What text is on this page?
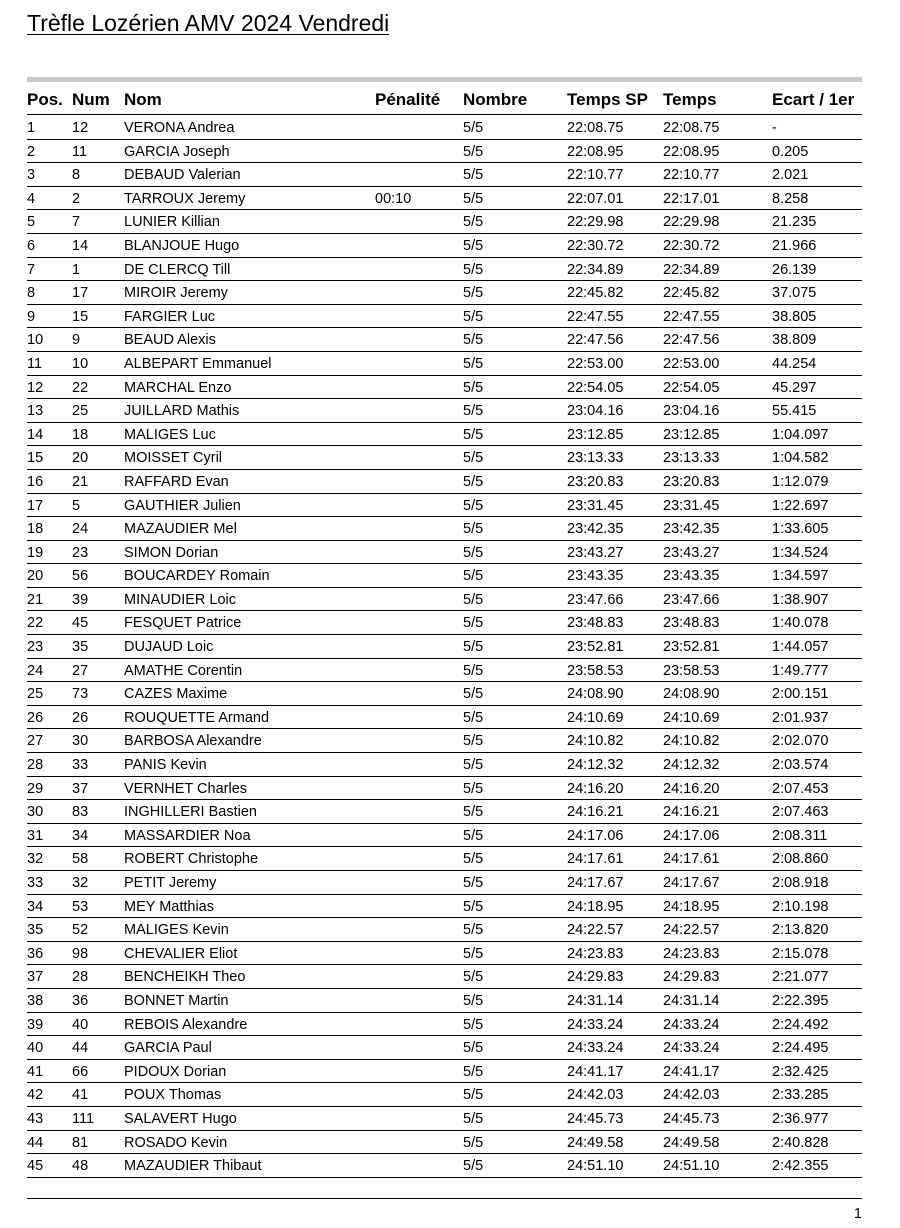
Trèfle Lozérien AMV 2024 Vendredi
Pos. Num Nom	Pénalité Nombre Temps SP Temps	Ecart / 1er
1	12 VERONA Andrea	5/5	22:08.75	22:08.75	-
2	11	GARCIA Joseph	5/5	22:08.95	22:08.95	0.205
3	8	DEBAUD Valerian	5/5	22:10.77	22:10.77	2.021
4	2	TARROUX Jeremy	00:10	5/5	22:07.01	22:17.01	8.258
5	7	LUNIER Killian	5/5	22:29.98	22:29.98	21.235
6	14 BLANJOUE Hugo	5/5	22:30.72	22:30.72	21.966
7	1	DE CLERCQ Till	5/5	22:34.89	22:34.89	26.139
8	17 MIROIR Jeremy	5/5	22:45.82	22:45.82	37.075
9	15 FARGIER Luc	5/5	22:47.55	22:47.55	38.805
10 9	BEAUD Alexis	5/5	22:47.56	22:47.56	38.809
11 10 ALBEPART Emmanuel	5/5	22:53.00	22:53.00	44.254
12 22 MARCHAL Enzo	5/5	22:54.05	22:54.05	45.297
13 25 JUILLARD Mathis	5/5	23:04.16	23:04.16	55.415
14 18 MALIGES Luc	5/5	23:12.85	23:12.85	1:04.097
15 20 MOISSET Cyril	5/5	23:13.33	23:13.33	1:04.582
16 21 RAFFARD Evan	5/5	23:20.83	23:20.83	1:12.079
17 5	GAUTHIER Julien	5/5	23:31.45	23:31.45	1:22.697
18 24 MAZAUDIER Mel	5/5	23:42.35	23:42.35	1:33.605
19 23 SIMON Dorian	5/5	23:43.27	23:43.27	1:34.524
20 56 BOUCARDEY Romain	5/5	23:43.35	23:43.35	1:34.597
21 39 MINAUDIER Loic	5/5	23:47.66	23:47.66	1:38.907
22 45 FESQUET Patrice	5/5	23:48.83	23:48.83	1:40.078
23 35 DUJAUD Loic	5/5	23:52.81	23:52.81	1:44.057
24 27 AMATHE Corentin	5/5	23:58.53	23:58.53	1:49.777
25 73 CAZES Maxime	5/5	24:08.90	24:08.90	2:00.151
26 26 ROUQUETTE Armand	5/5	24:10.69	24:10.69	2:01.937
27 30 BARBOSA Alexandre	5/5	24:10.82	24:10.82	2:02.070
28 33 PANIS Kevin	5/5	24:12.32	24:12.32	2:03.574
29 37 VERNHET Charles	5/5	24:16.20	24:16.20	2:07.453
30 83 INGHILLERI Bastien	5/5	24:16.21	24:16.21	2:07.463
31 34 MASSARDIER Noa	5/5	24:17.06	24:17.06	2:08.311
32 58 ROBERT Christophe	5/5	24:17.61	24:17.61	2:08.860
33 32 PETIT Jeremy	5/5	24:17.67	24:17.67	2:08.918
34 53 MEY Matthias	5/5	24:18.95	24:18.95	2:10.198
35 52 MALIGES Kevin	5/5	24:22.57	24:22.57	2:13.820
36 98 CHEVALIER Eliot	5/5	24:23.83	24:23.83	2:15.078
37 28 BENCHEIKH Theo	5/5	24:29.83	24:29.83	2:21.077
38 36 BONNET Martin	5/5	24:31.14	24:31.14	2:22.395
39 40 REBOIS Alexandre	5/5	24:33.24	24:33.24	2:24.492
40 44 GARCIA Paul	5/5	24:33.24	24:33.24	2:24.495
41 66 PIDOUX Dorian	5/5	24:41.17	24:41.17	2:32.425
42 41 POUX Thomas	5/5	24:42.03	24:42.03	2:33.285
43 111 SALAVERT Hugo	5/5	24:45.73	24:45.73	2:36.977
44 81 ROSADO Kevin	5/5	24:49.58	24:49.58	2:40.828
45 48 MAZAUDIER Thibaut	5/5	24:51.10	24:51.10	2:42.355
1
